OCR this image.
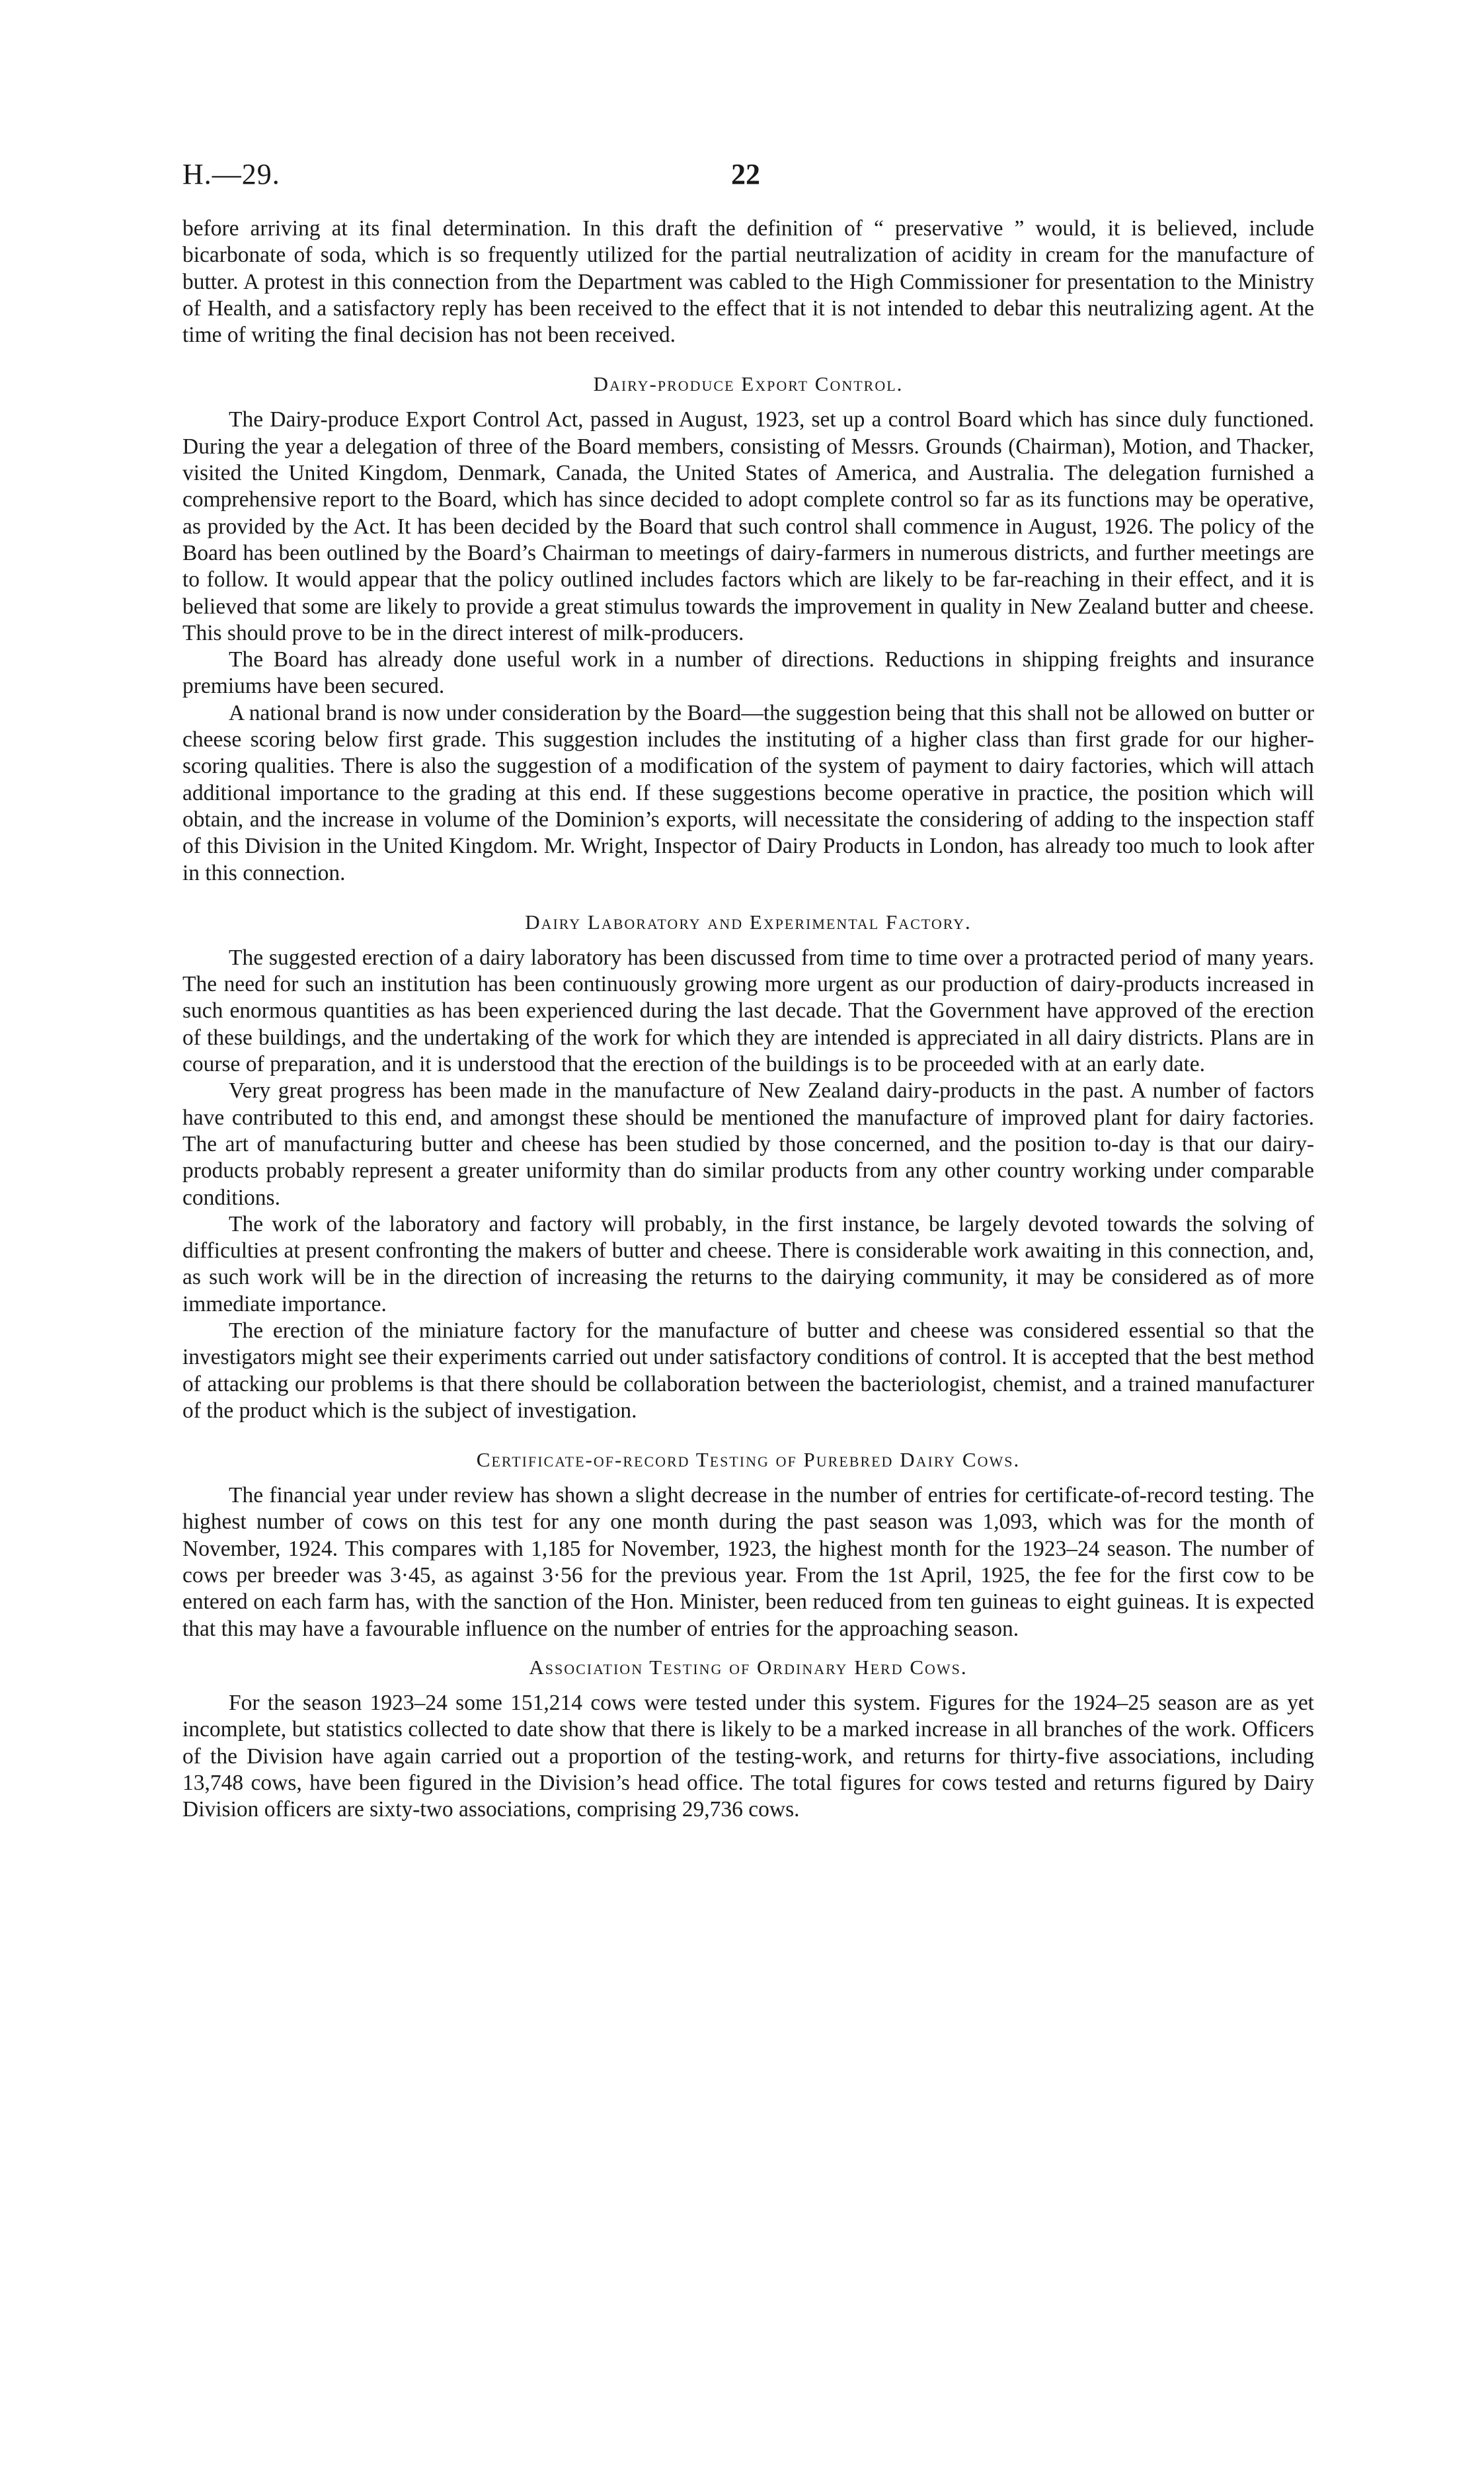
H.—29.	22

before arriving at its final determination. In this draft the definition of “ preservative ” would, it is believed, include bicarbonate of soda, which is so frequently utilized for the partial neutralization of acidity in cream for the manufacture of butter. A protest in this connection from the Department was cabled to the High Commissioner for presentation to the Ministry of Health, and a satisfactory reply has been received to the effect that it is not intended to debar this neutralizing agent. At the time of writing the final decision has not been received.

Dairy-produce Export Control.

The Dairy-produce Export Control Act, passed in August, 1923, set up a control Board which has since duly functioned. During the year a delegation of three of the Board members, consisting of Messrs. Grounds (Chairman), Motion, and Thacker, visited the United Kingdom, Denmark, Canada, the United States of America, and Australia. The delegation furnished a comprehensive report to the Board, which has since decided to adopt complete control so far as its functions may be operative, as provided by the Act. It has been decided by the Board that such control shall commence in August, 1926. The policy of the Board has been outlined by the Board’s Chairman to meetings of dairy-farmers in numerous districts, and further meetings are to follow. It would appear that the policy outlined includes factors which are likely to be far-reaching in their effect, and it is believed that some are likely to provide a great stimulus towards the improvement in quality in New Zealand butter and cheese. This should prove to be in the direct interest of milk-producers.

The Board has already done useful work in a number of directions. Reductions in shipping freights and insurance premiums have been secured.

A national brand is now under consideration by the Board—the suggestion being that this shall not be allowed on butter or cheese scoring below first grade. This suggestion includes the instituting of a higher class than first grade for our higher-scoring qualities. There is also the suggestion of a modification of the system of payment to dairy factories, which will attach additional importance to the grading at this end. If these suggestions become operative in practice, the position which will obtain, and the increase in volume of the Dominion’s exports, will necessitate the considering of adding to the inspection staff of this Division in the United Kingdom. Mr. Wright, Inspector of Dairy Products in London, has already too much to look after in this connection.

Dairy Laboratory and Experimental Factory.

The suggested erection of a dairy laboratory has been discussed from time to time over a protracted period of many years. The need for such an institution has been continuously growing more urgent as our production of dairy-products increased in such enormous quantities as has been experienced during the last decade. That the Government have approved of the erection of these buildings, and the undertaking of the work for which they are intended is appreciated in all dairy districts. Plans are in course of preparation, and it is understood that the erection of the buildings is to be proceeded with at an early date.

Very great progress has been made in the manufacture of New Zealand dairy-products in the past. A number of factors have contributed to this end, and amongst these should be mentioned the manufacture of improved plant for dairy factories. The art of manufacturing butter and cheese has been studied by those concerned, and the position to-day is that our dairy-products probably represent a greater uniformity than do similar products from any other country working under comparable conditions.

The work of the laboratory and factory will probably, in the first instance, be largely devoted towards the solving of difficulties at present confronting the makers of butter and cheese. There is considerable work awaiting in this connection, and, as such work will be in the direction of increasing the returns to the dairying community, it may be considered as of more immediate importance.

The erection of the miniature factory for the manufacture of butter and cheese was considered essential so that the investigators might see their experiments carried out under satisfactory conditions of control. It is accepted that the best method of attacking our problems is that there should be collaboration between the bacteriologist, chemist, and a trained manufacturer of the product which is the subject of investigation.

Certificate-of-record Testing of Purebred Dairy Cows.

The financial year under review has shown a slight decrease in the number of entries for certificate-of-record testing. The highest number of cows on this test for any one month during the past season was 1,093, which was for the month of November, 1924. This compares with 1,185 for November, 1923, the highest month for the 1923–24 season. The number of cows per breeder was 3·45, as against 3·56 for the previous year. From the 1st April, 1925, the fee for the first cow to be entered on each farm has, with the sanction of the Hon. Minister, been reduced from ten guineas to eight guineas. It is expected that this may have a favourable influence on the number of entries for the approaching season.

Association Testing of Ordinary Herd Cows.

For the season 1923–24 some 151,214 cows were tested under this system. Figures for the 1924–25 season are as yet incomplete, but statistics collected to date show that there is likely to be a marked increase in all branches of the work. Officers of the Division have again carried out a proportion of the testing-work, and returns for thirty-five associations, including 13,748 cows, have been figured in the Division’s head office. The total figures for cows tested and returns figured by Dairy Division officers are sixty-two associations, comprising 29,736 cows.
